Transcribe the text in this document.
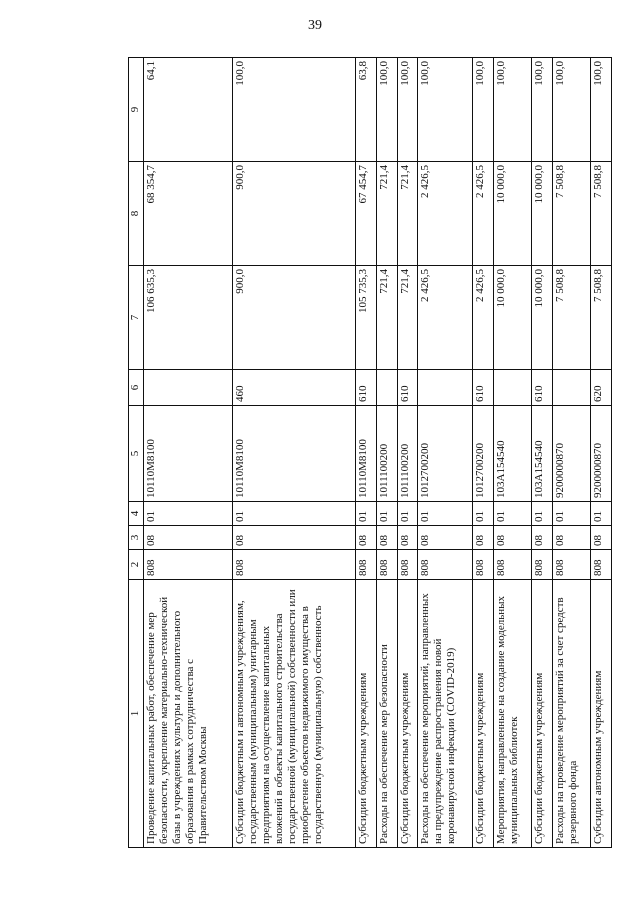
39
1	2	3	4	5	6	7	8	9
Проведение капитальных работ, обеспечение мер безопасности, укрепление материально-технической базы в учреждениях культуры и дополнительного образования в рамках сотрудничества с Правительством Москвы	808	08	01	10110М8100		106 635,3	68 354,7	64,1
Субсидии бюджетным и автономным учреждениям, государственным (муниципальным) унитарным предприятиям на осуществление капитальных вложений в объекты капитального строительства государственной (муниципальной) собственности или приобретение объектов недвижимого имущества в государственную (муниципальную) собственность	808	08	01	10110М8100	460	900,0	900,0	100,0
Субсидии бюджетным учреждениям	808	08	01	10110М8100	610	105 735,3	67 454,7	63,8
Расходы на обеспечение мер безопасности	808	08	01	1011100200		721,4	721,4	100,0
Субсидии бюджетным учреждениям	808	08	01	1011100200	610	721,4	721,4	100,0
Расходы на обеспечение мероприятий, направленных на предупреждение распространения новой коронавирусной инфекции (COVID-2019)	808	08	01	1012700200		2 426,5	2 426,5	100,0
Субсидии бюджетным учреждениям	808	08	01	1012700200	610	2 426,5	2 426,5	100,0
Мероприятия, направленные на создание модельных муниципальных библиотек	808	08	01	103А154540		10 000,0	10 000,0	100,0
Субсидии бюджетным учреждениям	808	08	01	103А154540	610	10 000,0	10 000,0	100,0
Расходы на проведение мероприятий за счет средств резервного фонда	808	08	01	9200000870		7 508,8	7 508,8	100,0
Субсидии автономным учреждениям	808	08	01	9200000870	620	7 508,8	7 508,8	100,0
